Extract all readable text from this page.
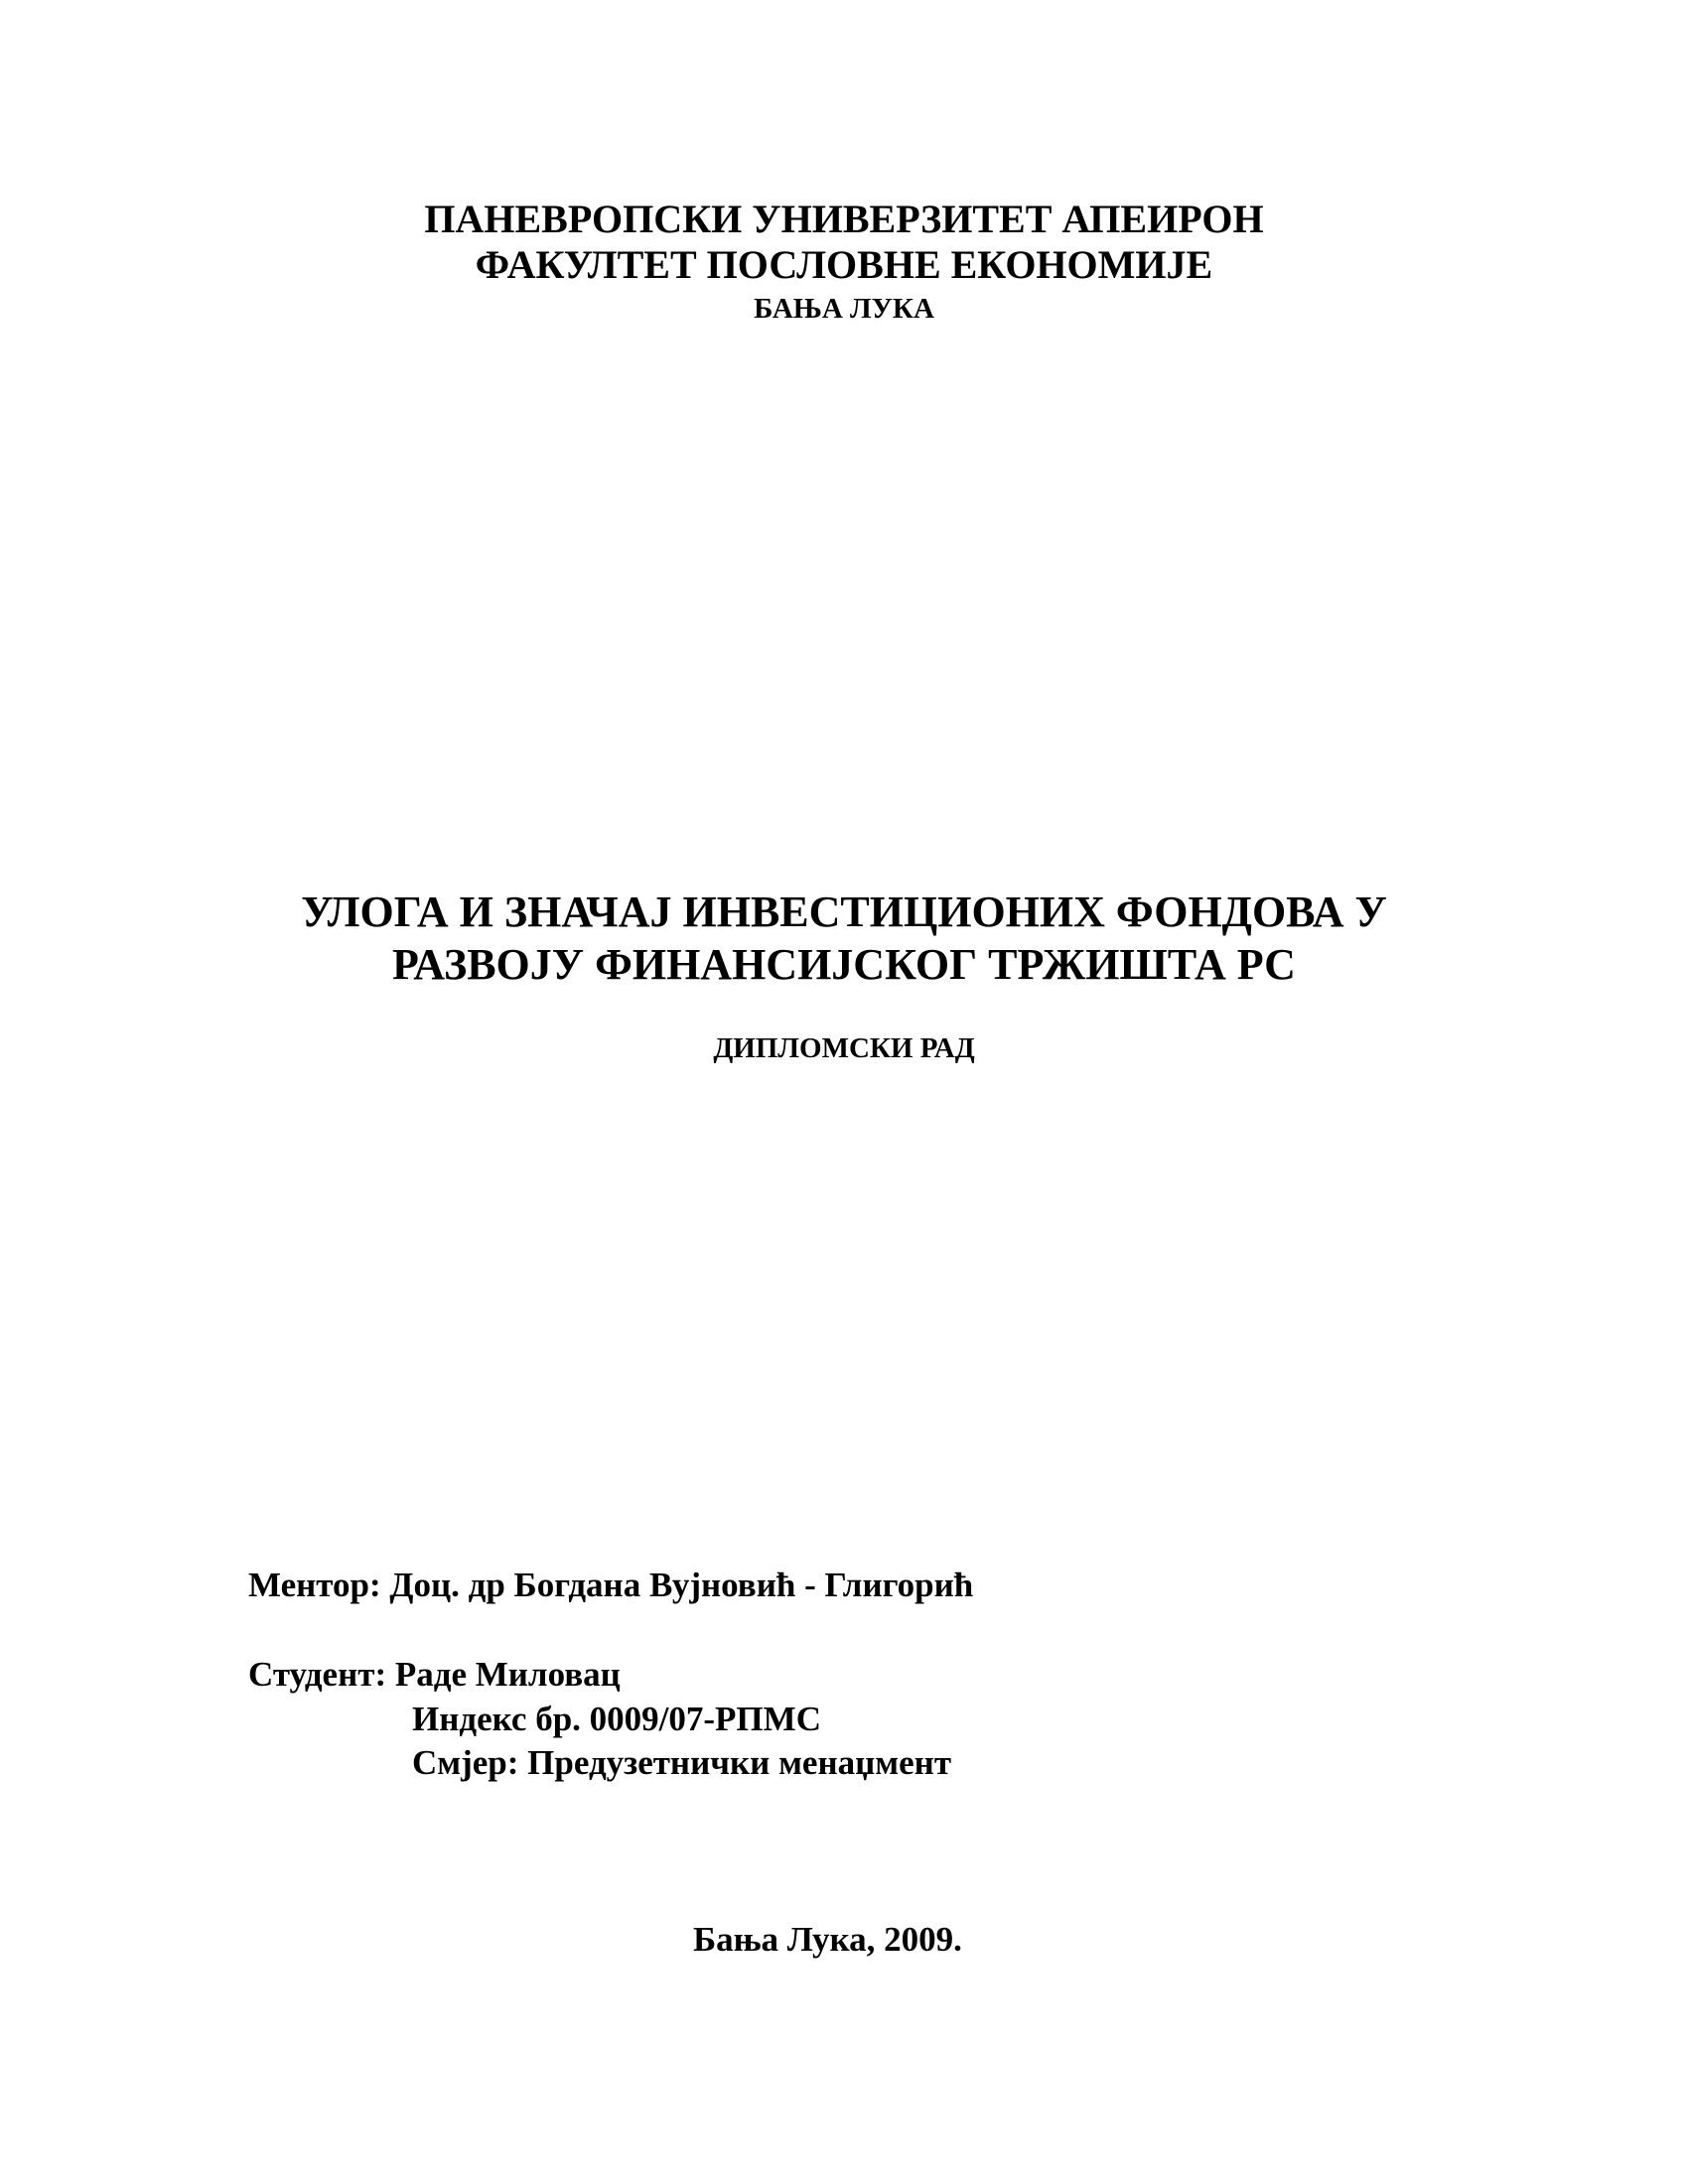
ПАНЕВРОПСКИ УНИВЕРЗИТЕТ АПЕИРОН

ФАКУЛТЕТ ПОСЛОВНЕ ЕКОНОМИЈЕ

БАЊА ЛУКА

УЛОГА И ЗНАЧАЈ ИНВЕСТИЦИОНИХ ФОНДОВА У

РАЗВОЈУ ФИНАНСИЈСКОГ ТРЖИШТА РС

ДИПЛОМСКИ РАД

Ментор: Доц. др Богдана Вујновић - Глигорић
Студент: Раде Миловац

Индекс бр. 0009/07-РПМС

Смјер: Предузетнички менаџмент

Бања Лука, 2009.
